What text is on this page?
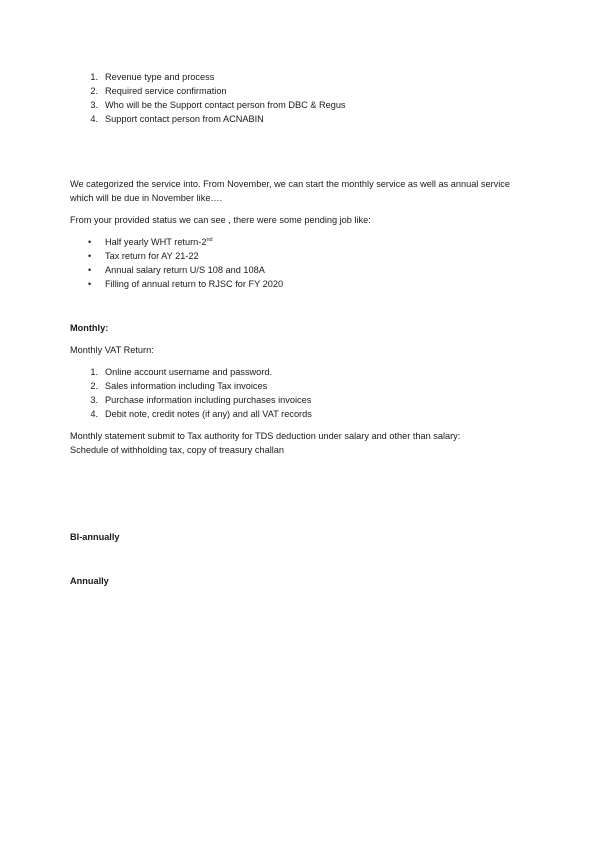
1. Revenue type and process
2. Required service confirmation
3. Who will be the Support contact person from DBC & Regus
4. Support contact person from ACNABIN

We categorized the service into. From November, we can start the monthly service as well as annual service which will be due in November like….

From your provided status we can see , there were some pending job like:

• Half yearly WHT return-2nd
• Tax return for AY 21-22
• Annual salary return U/S 108 and 108A
• Filling of annual return to RJSC for FY 2020

Monthly:

Monthly VAT Return:

1. Online account username and password.
2. Sales information including Tax invoices
3. Purchase information including purchases invoices
4. Debit note, credit notes (if any) and all VAT records

Monthly statement submit to Tax authority for TDS deduction under salary and other than salary:

Schedule of withholding tax, copy of treasury challan

BI-annually

Annually
